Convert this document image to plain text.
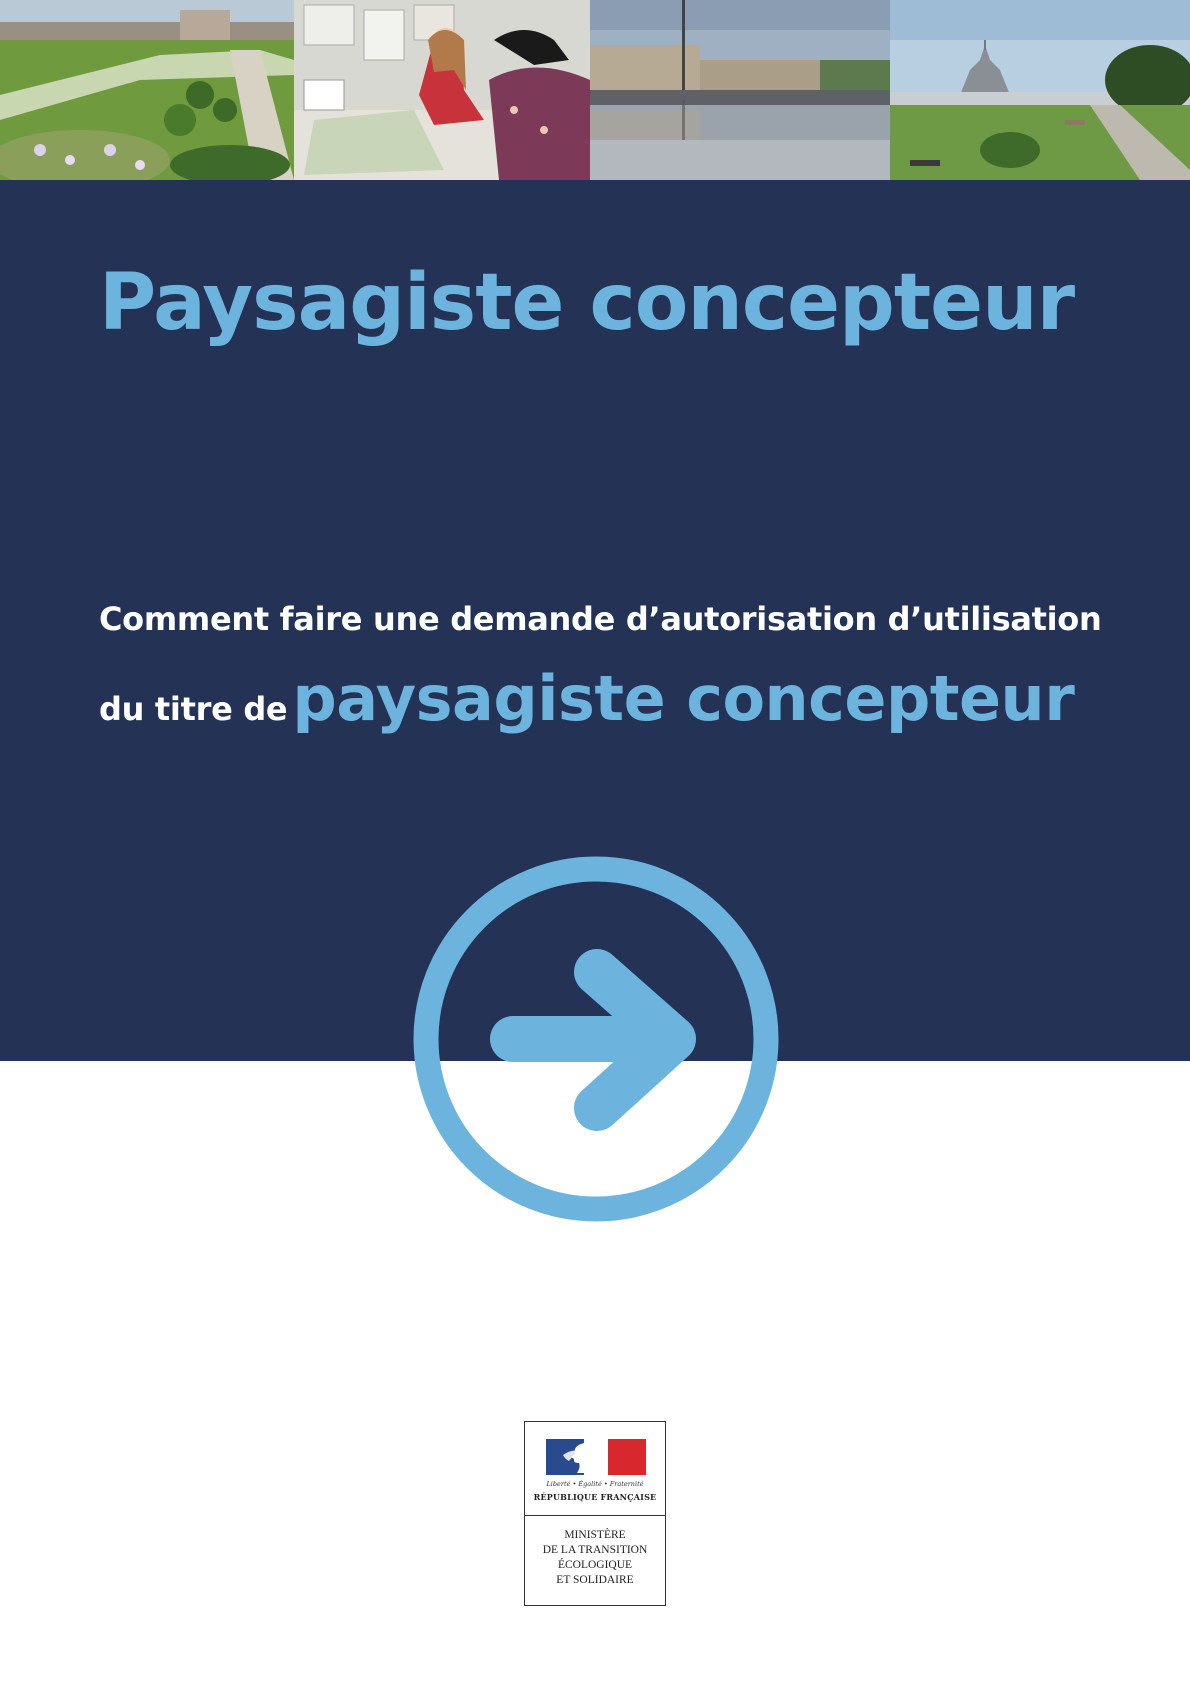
Paysagiste concepteur
Comment faire une demande d’autorisation d’utilisation
du titre de paysagiste concepteur
Liberté • Égalité • Fraternité
RÉPUBLIQUE FRANÇAISE
MINISTÈRE
DE LA TRANSITION
ÉCOLOGIQUE
ET SOLIDAIRE
